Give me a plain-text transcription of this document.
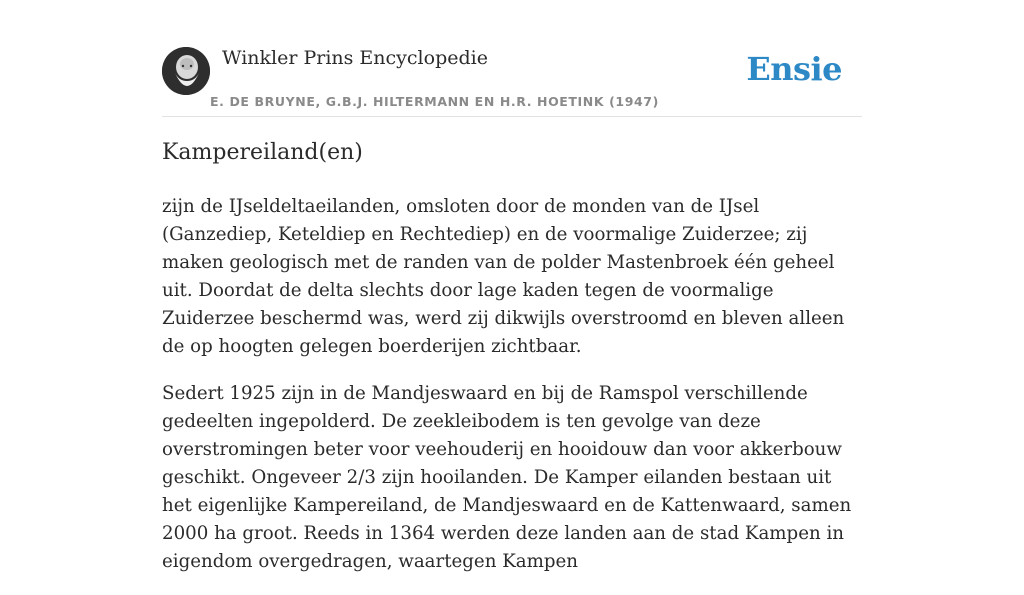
Winkler Prins Encyclopedie
E. DE BRUYNE, G.B.J. HILTERMANN EN H.R. HOETINK (1947)
Ensie
Kampereiland(en)

zijn de IJseldeltaeilanden, omsloten door de monden van de IJsel (Ganzediep, Keteldiep en Rechtediep) en de voormalige Zuiderzee; zij maken geologisch met de randen van de polder Mastenbroek één geheel uit. Doordat de delta slechts door lage kaden tegen de voormalige Zuiderzee beschermd was, werd zij dikwijls overstroomd en bleven alleen de op hoogten gelegen boerderijen zichtbaar.

Sedert 1925 zijn in de Mandjeswaard en bij de Ramspol verschillende gedeelten ingepolderd. De zeekleibodem is ten gevolge van deze overstromingen beter voor veehouderij en hooidouw dan voor akkerbouw geschikt. Ongeveer 2/3 zijn hooilanden. De Kamper eilanden bestaan uit het eigenlijke Kampereiland, de Mandjeswaard en de Kattenwaard, samen 2000 ha groot. Reeds in 1364 werden deze landen aan de stad Kampen in eigendom overgedragen, waartegen Kampen
